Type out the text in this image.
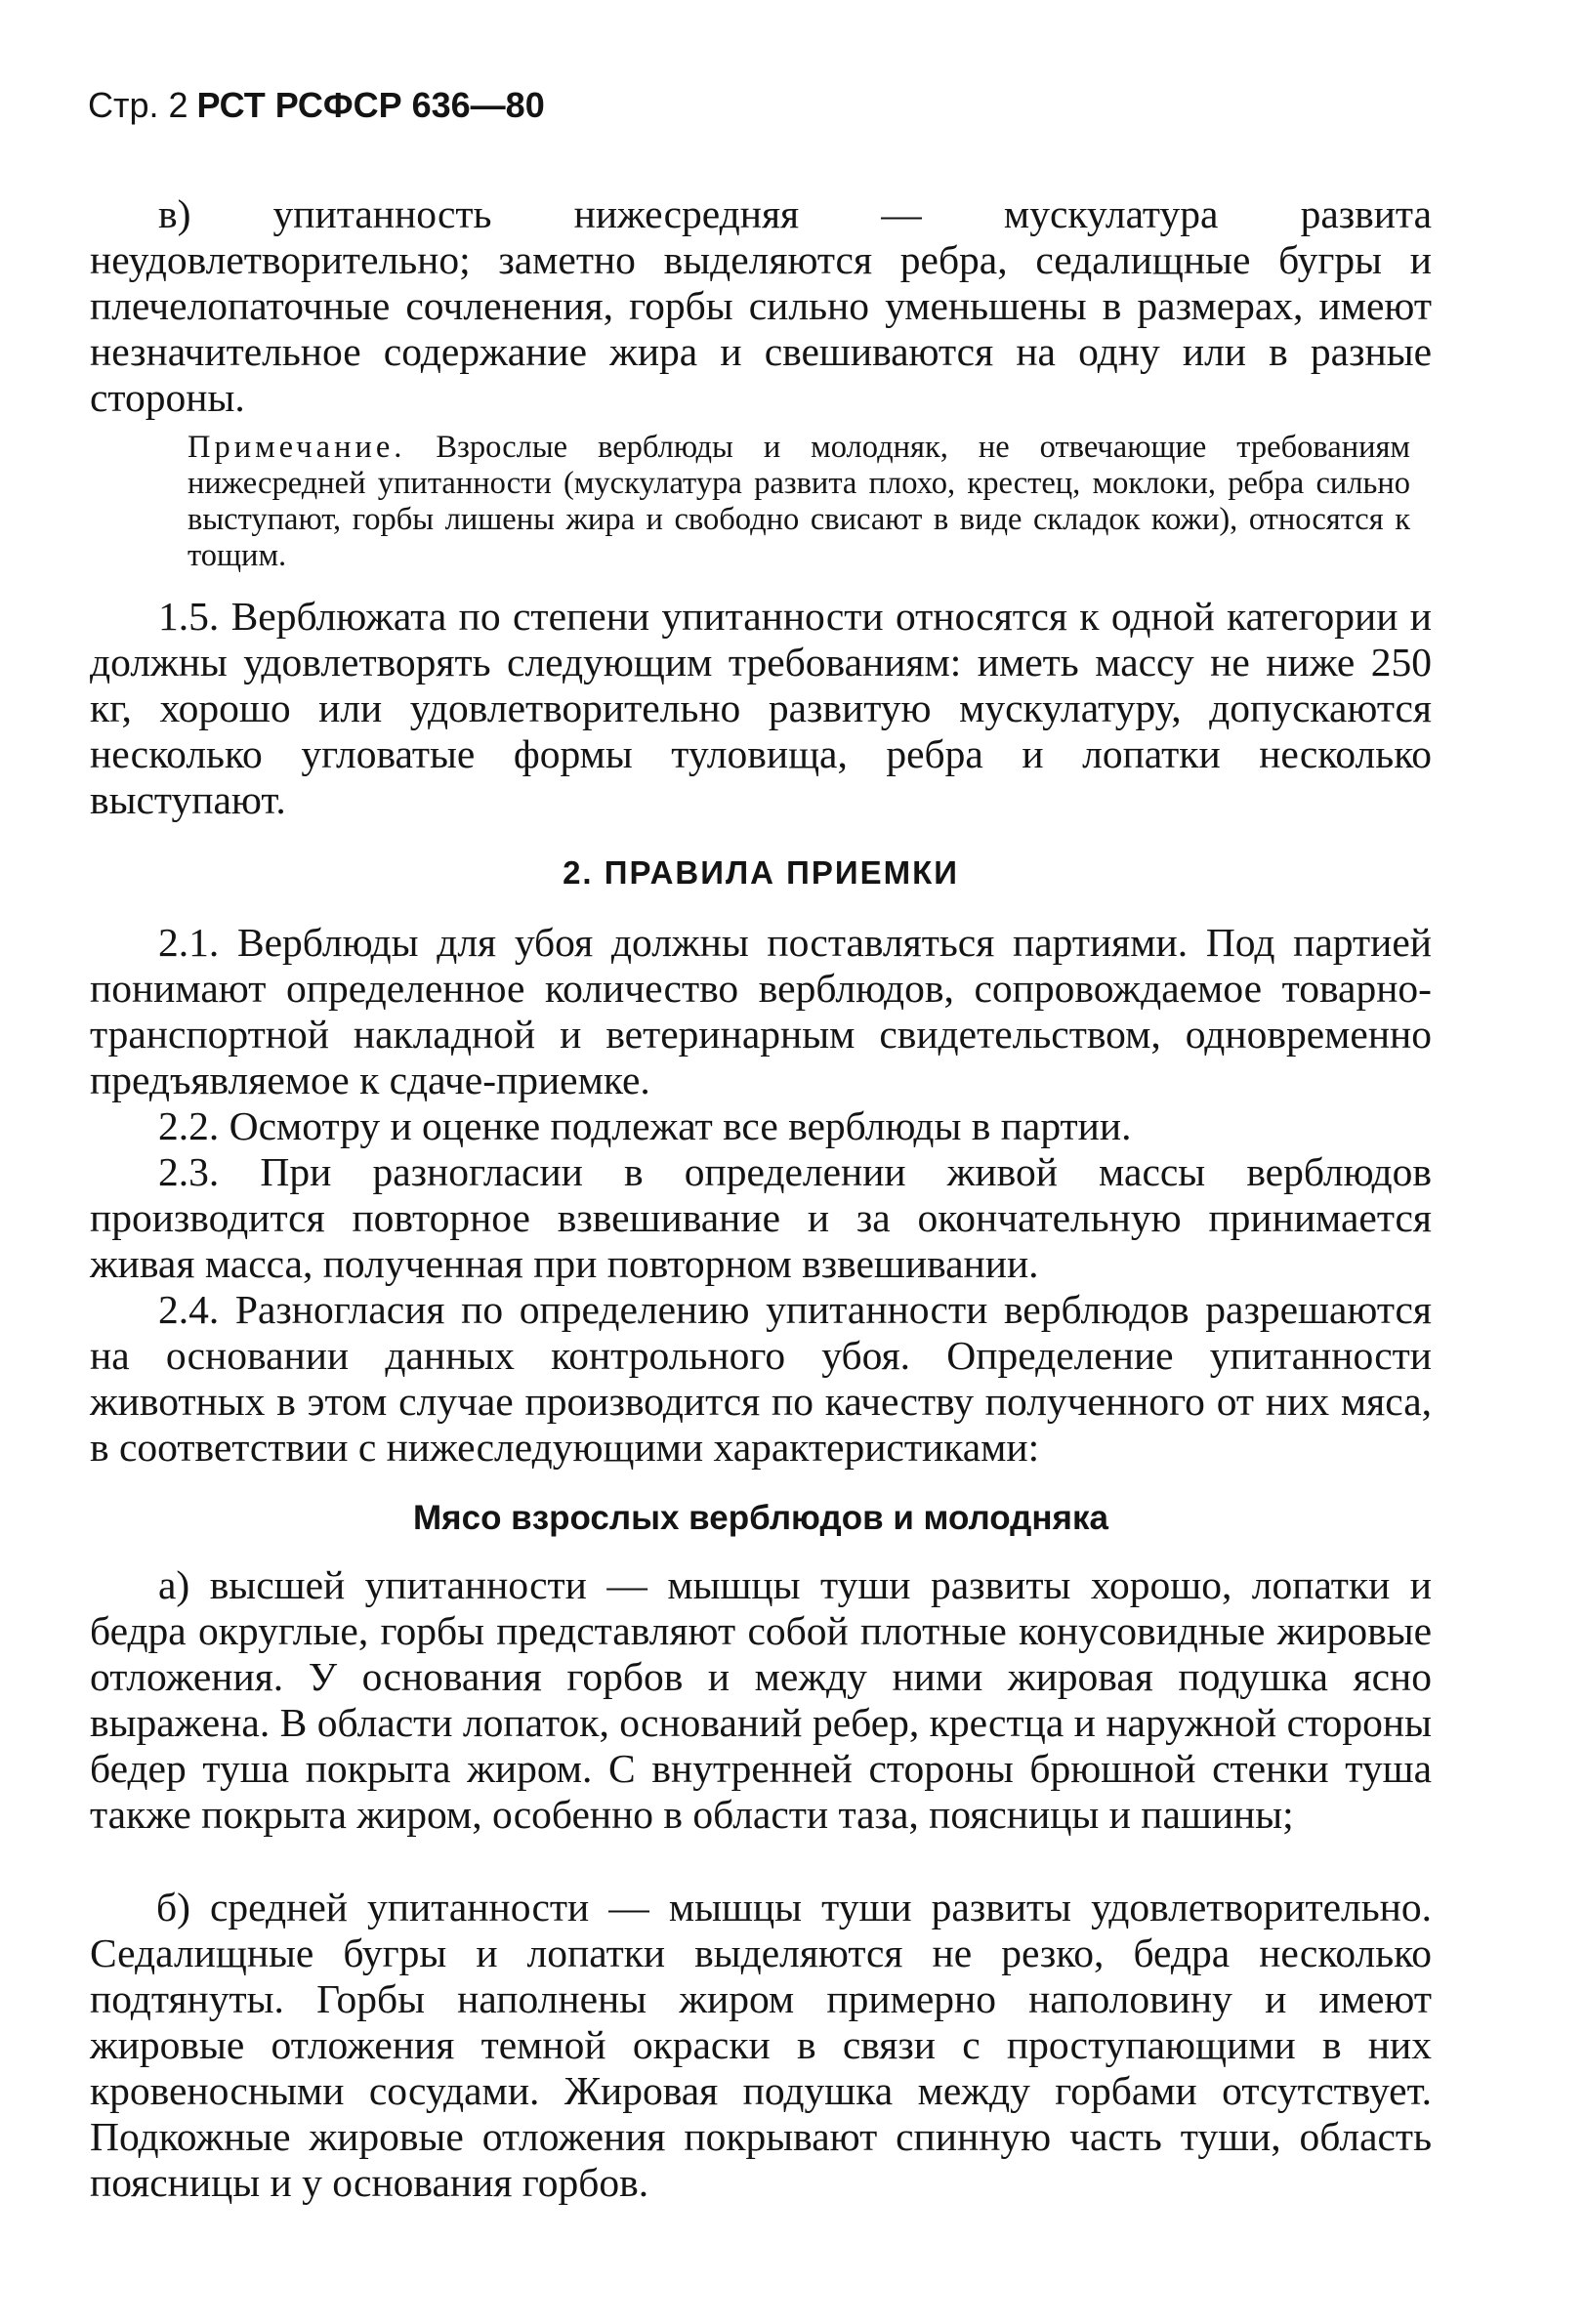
Стр. 2 РСТ РСФСР 636—80

в) упитанность нижесредняя — мускулатура развита неудовлетворительно; заметно выделяются ребра, седалищные бугры и плечелопаточные сочленения, горбы сильно уменьшены в размерах, имеют незначительное содержание жира и свешиваются на одну или в разные стороны.

Примечание. Взрослые верблюды и молодняк, не отвечающие требованиям нижесредней упитанности (мускулатура развита плохо, крестец, моклоки, ребра сильно выступают, горбы лишены жира и свободно свисают в виде складок кожи), относятся к тощим.

1.5. Верблюжата по степени упитанности относятся к одной категории и должны удовлетворять следующим требованиям: иметь массу не ниже 250 кг, хорошо или удовлетворительно развитую мускулатуру, допускаются несколько угловатые формы туловища, ребра и лопатки несколько выступают.

2. ПРАВИЛА ПРИЕМКИ

2.1. Верблюды для убоя должны поставляться партиями. Под партией понимают определенное количество верблюдов, сопровождаемое товарно-транспортной накладной и ветеринарным свидетельством, одновременно предъявляемое к сдаче-приемке.

2.2. Осмотру и оценке подлежат все верблюды в партии.

2.3. При разногласии в определении живой массы верблюдов производится повторное взвешивание и за окончательную принимается живая масса, полученная при повторном взвешивании.

2.4. Разногласия по определению упитанности верблюдов разрешаются на основании данных контрольного убоя. Определение упитанности животных в этом случае производится по качеству полученного от них мяса, в соответствии с нижеследующими характеристиками:

Мясо взрослых верблюдов и молодняка

а) высшей упитанности — мышцы туши развиты хорошо, лопатки и бедра округлые, горбы представляют собой плотные конусовидные жировые отложения. У основания горбов и между ними жировая подушка ясно выражена. В области лопаток, оснований ребер, крестца и наружной стороны бедер туша покрыта жиром. С внутренней стороны брюшной стенки туша также покрыта жиром, особенно в области таза, поясницы и пашины;

б) средней упитанности — мышцы туши развиты удовлетворительно. Седалищные бугры и лопатки выделяются не резко, бедра несколько подтянуты. Горбы наполнены жиром примерно наполовину и имеют жировые отложения темной окраски в связи с проступающими в них кровеносными сосудами. Жировая подушка между горбами отсутствует. Подкожные жировые отложения покрывают спинную часть туши, область поясницы и у основания горбов.
